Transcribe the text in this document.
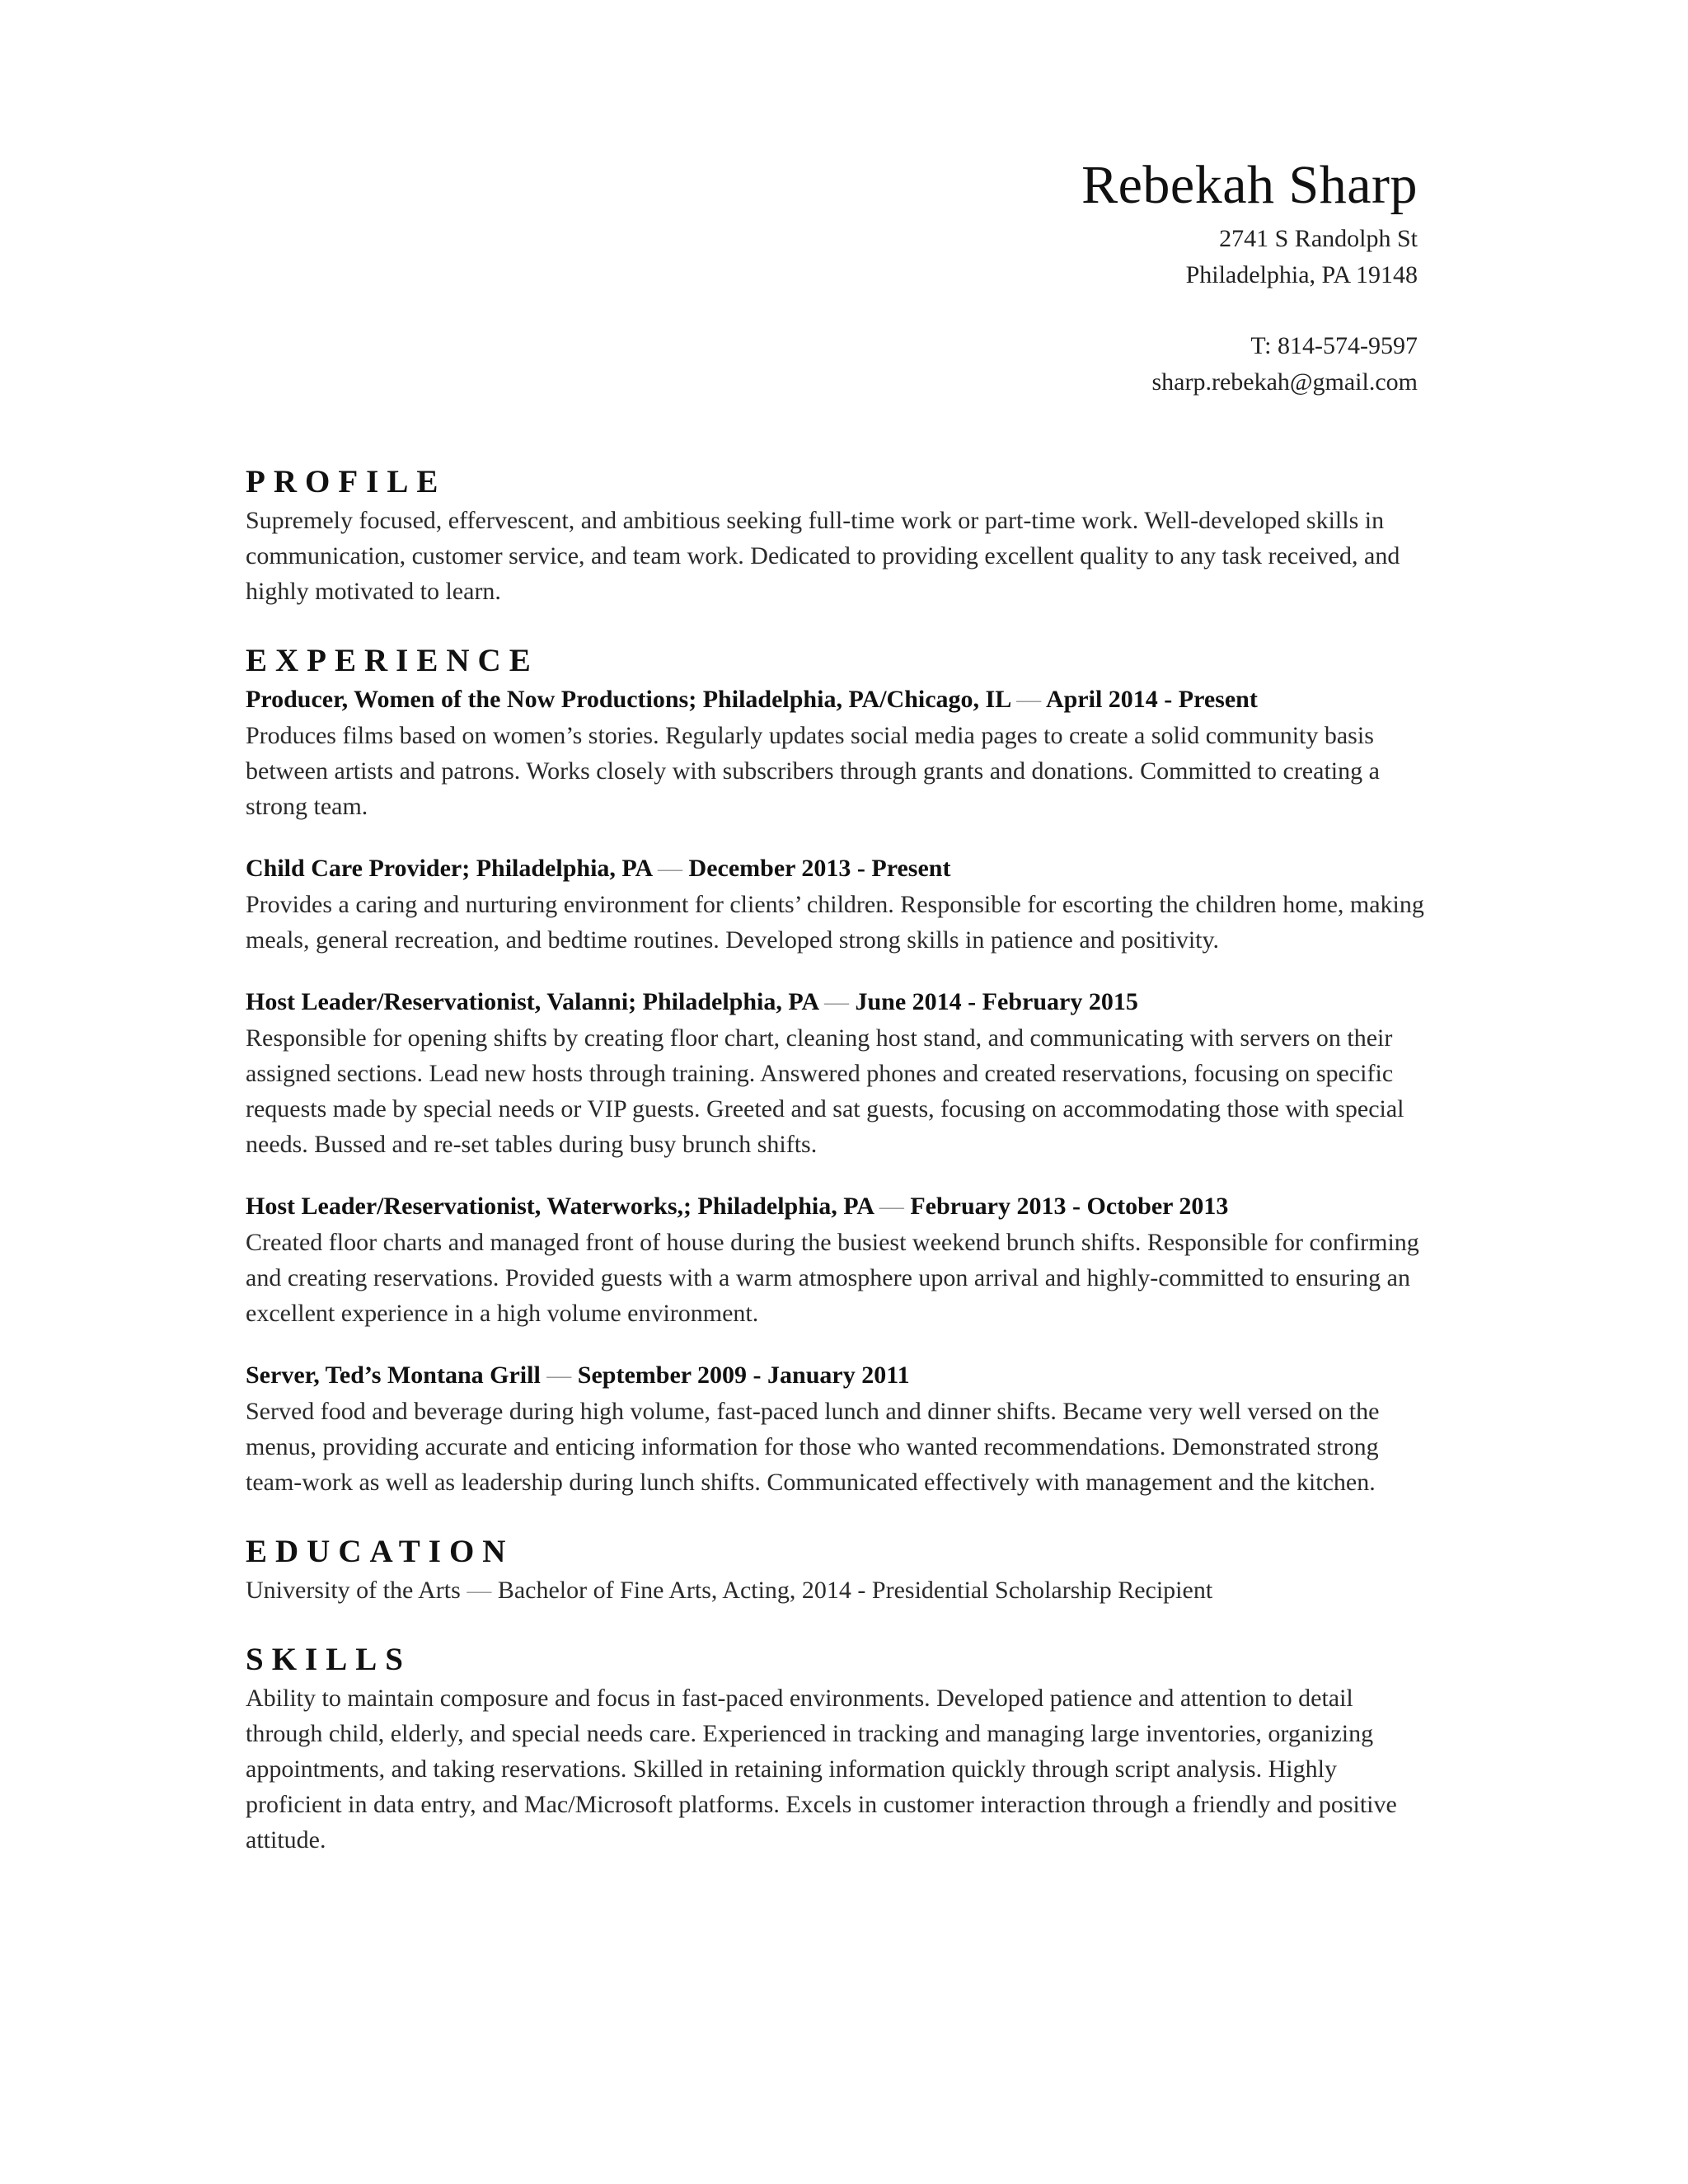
Rebekah Sharp
2741 S Randolph St
Philadelphia, PA 19148
T: 814-574-9597
sharp.rebekah@gmail.com
PROFILE

Supremely focused, effervescent, and ambitious seeking full-time work or part-time work. Well-developed skills in communication, customer service, and team work. Dedicated to providing excellent quality to any task received, and highly motivated to learn.

EXPERIENCE
Producer, Women of the Now Productions; Philadelphia, PA/Chicago, IL — April 2014 - Present

Produces films based on women’s stories. Regularly updates social media pages to create a solid community basis between artists and patrons. Works closely with subscribers through grants and donations. Committed to creating a strong team.

Child Care Provider; Philadelphia, PA — December 2013 - Present

Provides a caring and nurturing environment for clients’ children. Responsible for escorting the children home, making meals, general recreation, and bedtime routines. Developed strong skills in patience and positivity.

Host Leader/Reservationist, Valanni; Philadelphia, PA — June 2014 - February 2015

Responsible for opening shifts by creating floor chart, cleaning host stand, and communicating with servers on their assigned sections. Lead new hosts through training. Answered phones and created reservations, focusing on specific requests made by special needs or VIP guests. Greeted and sat guests, focusing on accommodating those with special needs. Bussed and re-set tables during busy brunch shifts.

Host Leader/Reservationist, Waterworks,; Philadelphia, PA — February 2013 - October 2013

Created floor charts and managed front of house during the busiest weekend brunch shifts. Responsible for confirming and creating reservations. Provided guests with a warm atmosphere upon arrival and highly-committed to ensuring an excellent experience in a high volume environment.

Server, Ted’s Montana Grill — September 2009 - January 2011

Served food and beverage during high volume, fast-paced lunch and dinner shifts. Became very well versed on the menus, providing accurate and enticing information for those who wanted recommendations. Demonstrated strong team-work as well as leadership during lunch shifts. Communicated effectively with management and the kitchen.

EDUCATION

University of the Arts — Bachelor of Fine Arts, Acting, 2014 - Presidential Scholarship Recipient

SKILLS

Ability to maintain composure and focus in fast-paced environments. Developed patience and attention to detail through child, elderly, and special needs care. Experienced in tracking and managing large inventories, organizing appointments, and taking reservations. Skilled in retaining information quickly through script analysis. Highly proficient in data entry, and Mac/Microsoft platforms. Excels in customer interaction through a friendly and positive attitude.
